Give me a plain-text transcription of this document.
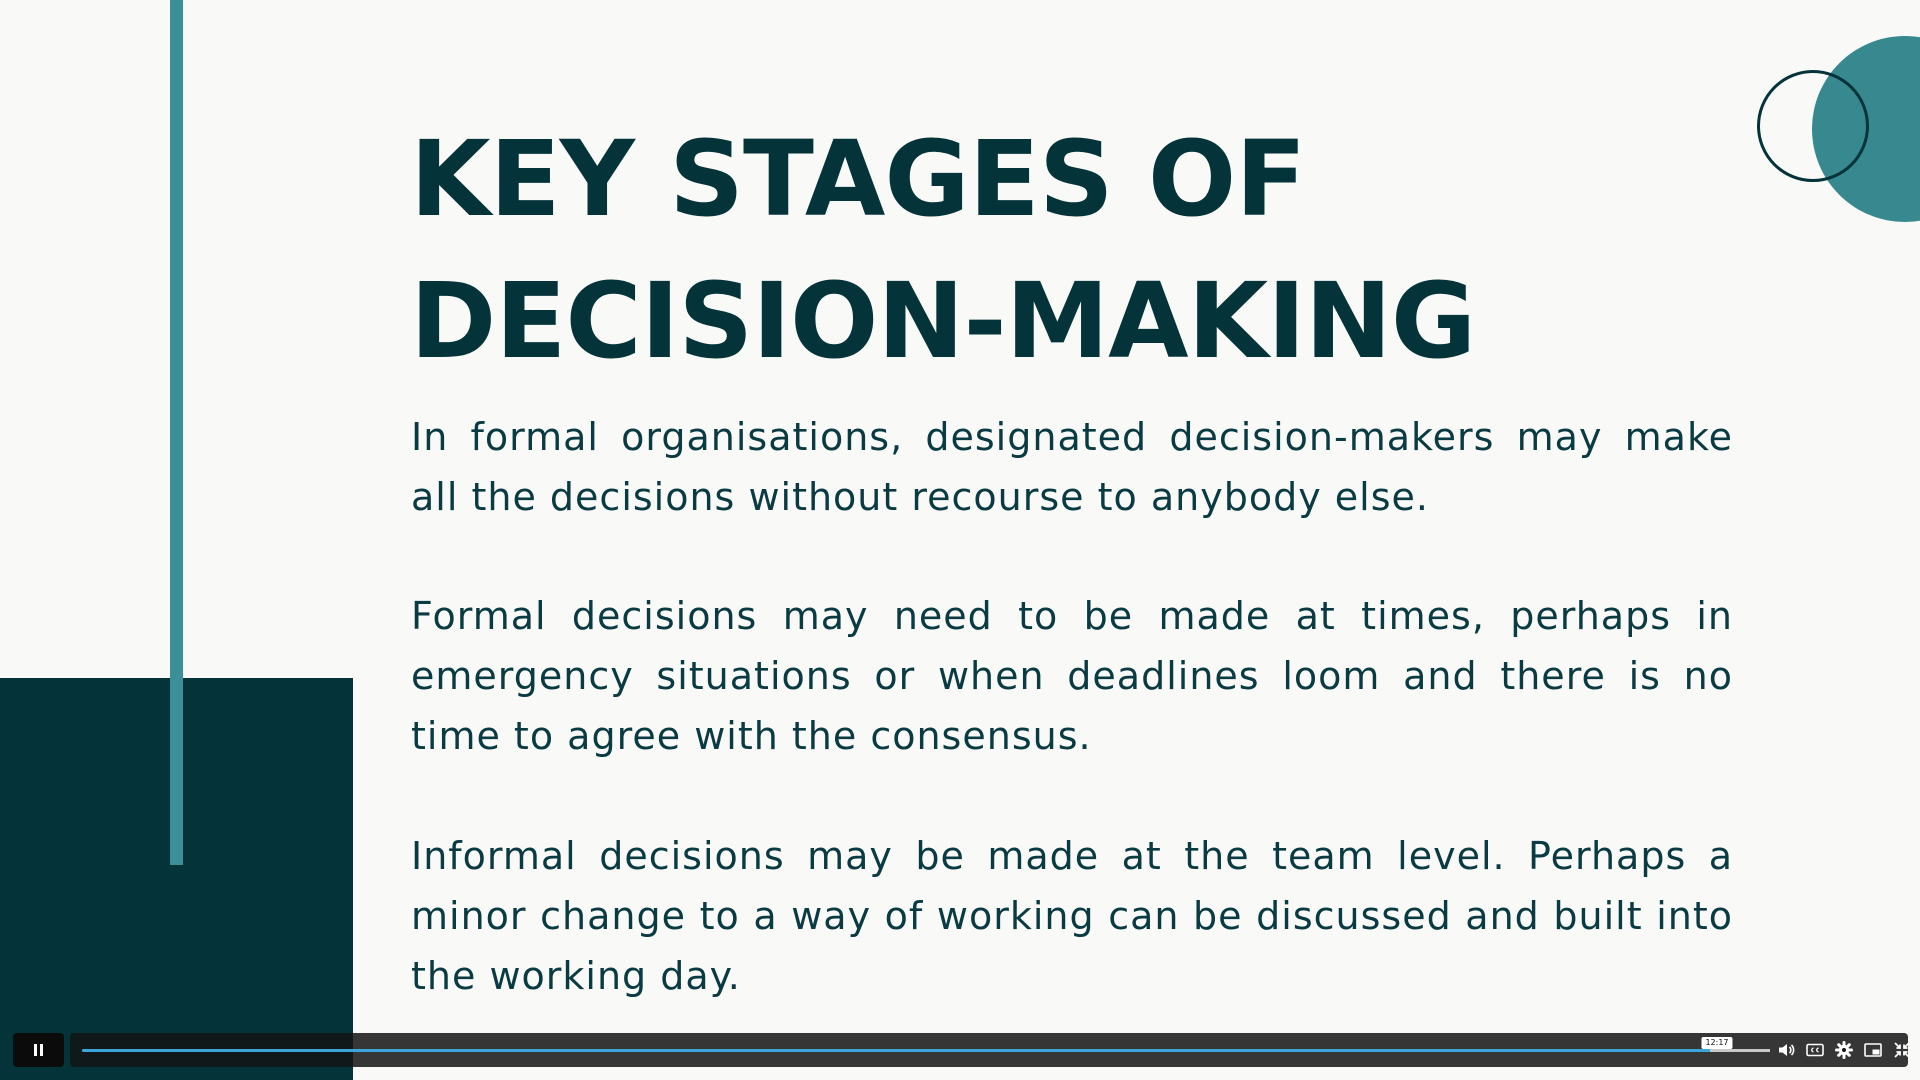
KEY STAGES OF DECISION-MAKING

In formal organisations, designated decision-makers may make all the decisions without recourse to anybody else.

Formal decisions may need to be made at times, perhaps in emergency situations or when deadlines loom and there is no time to agree with the consensus.

Informal decisions may be made at the team level. Perhaps a minor change to a way of working can be discussed and built into the working day.

12:17
